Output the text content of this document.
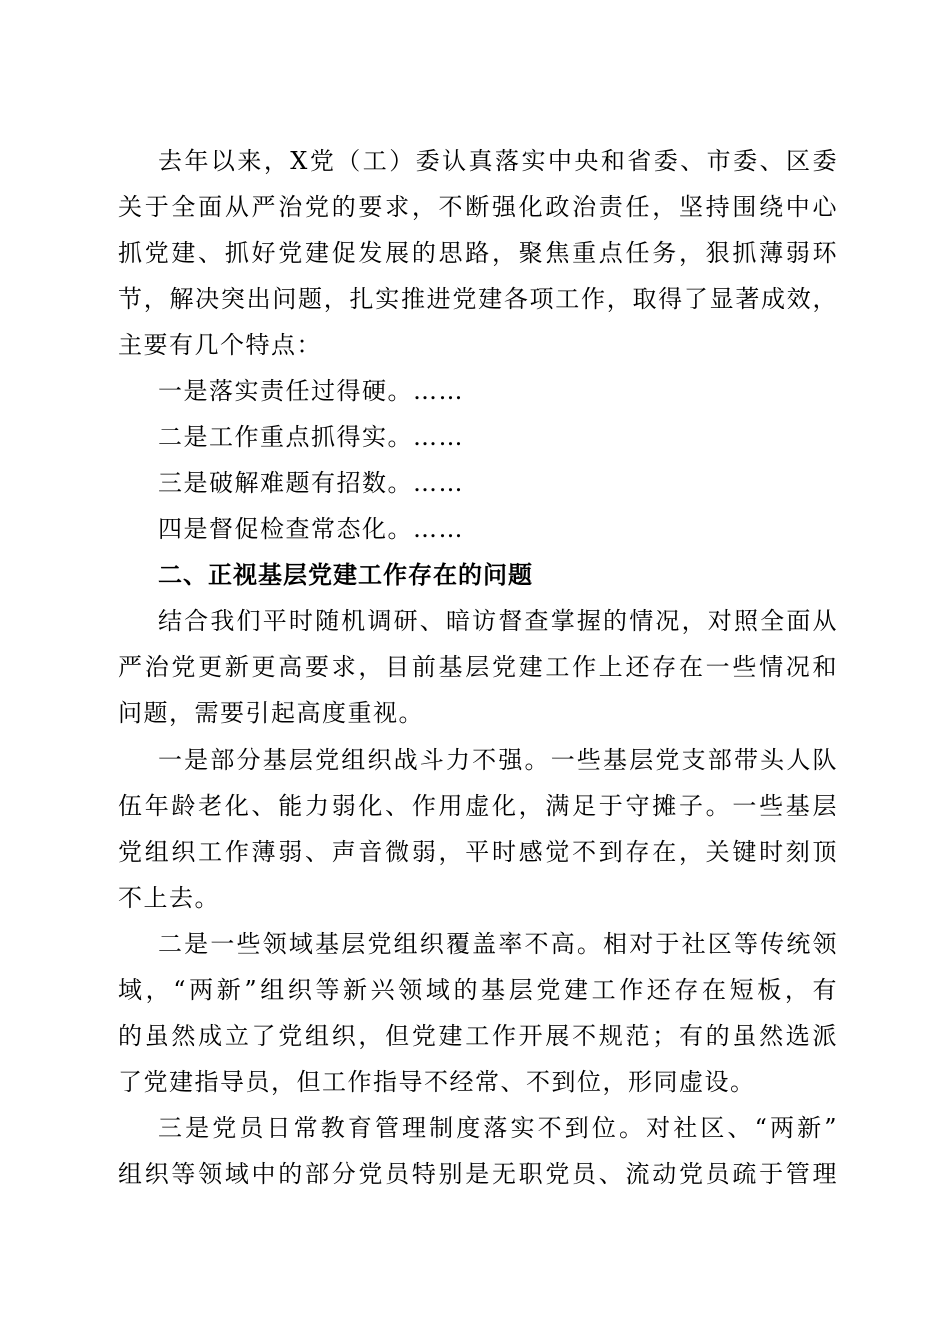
去年以来，X党（工）委认真落实中央和省委、市委、区委
关于全面从严治党的要求，不断强化政治责任，坚持围绕中心
抓党建、抓好党建促发展的思路，聚焦重点任务，狠抓薄弱环
节，解决突出问题，扎实推进党建各项工作，取得了显著成效，
主要有几个特点：
一是落实责任过得硬。……
二是工作重点抓得实。……
三是破解难题有招数。……
四是督促检查常态化。……
二、正视基层党建工作存在的问题
结合我们平时随机调研、暗访督查掌握的情况，对照全面从
严治党更新更高要求，目前基层党建工作上还存在一些情况和
问题，需要引起高度重视。
一是部分基层党组织战斗力不强。一些基层党支部带头人队
伍年龄老化、能力弱化、作用虚化，满足于守摊子。一些基层
党组织工作薄弱、声音微弱，平时感觉不到存在，关键时刻顶
不上去。
二是一些领域基层党组织覆盖率不高。相对于社区等传统领
域，“两新”组织等新兴领域的基层党建工作还存在短板，有
的虽然成立了党组织，但党建工作开展不规范；有的虽然选派
了党建指导员，但工作指导不经常、不到位，形同虚设。
三是党员日常教育管理制度落实不到位。对社区、“两新”
组织等领域中的部分党员特别是无职党员、流动党员疏于管理
